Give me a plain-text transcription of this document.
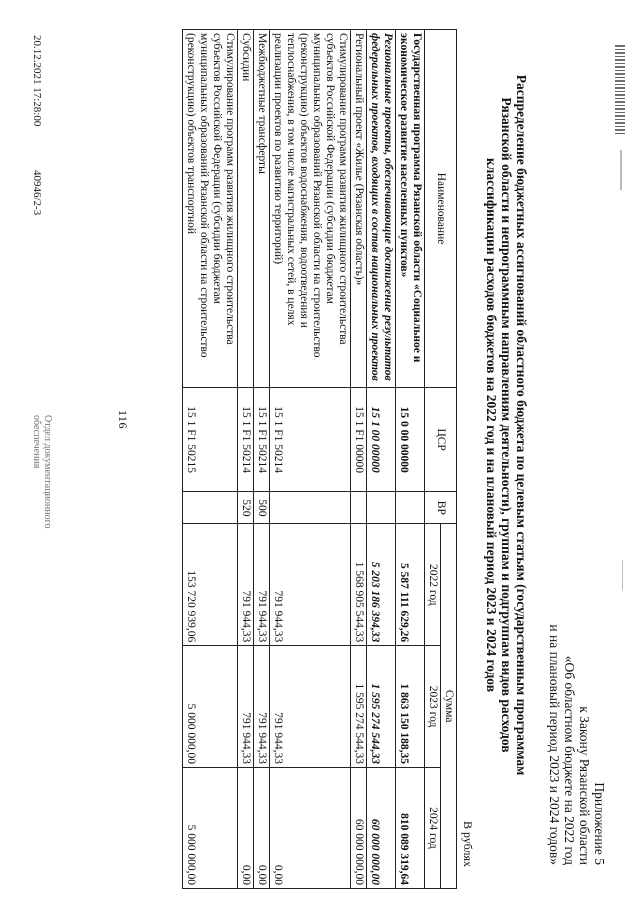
116
Приложение 5
к Закону Рязанской области
«Об областном бюджете на 2022 год
и на плановый период 2023 и 2024 годов»
Распределение бюджетных ассигнований областного бюджета по целевым статьям (государственным программам
Рязанской области и непрограммным направлениям деятельности), группам и подгруппам видов расходов
классификации расходов бюджетов на 2022 год и на плановый период 2023 и 2024 годов
В рублях
Наименование	ЦСР	ВР	Сумма		
			2022 год	2023 год	2024 год
Государственная программа Рязанской области «Социальное и экономическое развитие населенных пунктов»	15 0 00 00000		5 587 111 629,26	1 863 150 188,35	810 089 319,64
Региональные проекты, обеспечивающие достижение результатов федеральных проектов, входящих в состав национальных проектов	15 1 00 00000		5 203 186 394,33	1 595 274 544,33	60 000 000,00
Региональный проект «Жилье (Рязанская область)»	15 1 F1 00000		1 568 905 544,33	1 595 274 544,33	60 000 000,00
Стимулирование программ развития жилищного строительства субъектов Российской Федерации (субсидии бюджетам муниципальных образований Рязанской области на строительство (реконструкцию) объектов водоснабжения, водоотведения и теплоснабжения, в том числе магистральных сетей, в целях реализации проектов по развитию территорий)	15 1 F1 50214		791 944,33	791 944,33	0,00
Межбюджетные трансферты	15 1 F1 50214	500	791 944,33	791 944,33	0,00
Субсидии	15 1 F1 50214	520	791 944,33	791 944,33	0,00
Стимулирование программ развития жилищного строительства субъектов Российской Федерации (субсидии бюджетам муниципальных образований Рязанской области на строительство (реконструкцию) объектов транспортной	15 1 F1 50215		153 720 939,06	5 000 000,00	5 000 000,00
20.12.2021 17:28:00
40946/2-3
Отдел документационного
обеспечения
